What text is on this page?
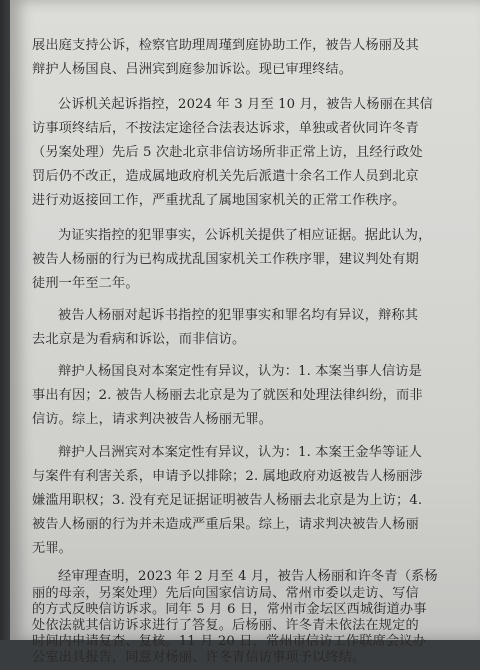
展出庭支持公诉，检察官助理周瑾到庭协助工作，被告人杨丽及其
辩护人杨国良、吕洲宾到庭参加诉讼。现已审理终结。
公诉机关起诉指控，2024 年 3 月至 10 月，被告人杨丽在其信
访事项终结后，不按法定途径合法表达诉求，单独或者伙同许冬青
（另案处理）先后 5 次赴北京非信访场所非正常上访，且经行政处
罚后仍不改正，造成属地政府机关先后派遣十余名工作人员到北京
进行劝返接回工作，严重扰乱了属地国家机关的正常工作秩序。
为证实指控的犯罪事实，公诉机关提供了相应证据。据此认为，
被告人杨丽的行为已构成扰乱国家机关工作秩序罪，建议判处有期
徒刑一年至二年。
被告人杨丽对起诉书指控的犯罪事实和罪名均有异议，辩称其
去北京是为看病和诉讼，而非信访。
辩护人杨国良对本案定性有异议，认为：1. 本案当事人信访是
事出有因；2. 被告人杨丽去北京是为了就医和处理法律纠纷，而非
信访。综上，请求判决被告人杨丽无罪。
辩护人吕洲宾对本案定性有异议，认为：1. 本案王金华等证人
与案件有利害关系，申请予以排除；2. 属地政府劝返被告人杨丽涉
嫌滥用职权；3. 没有充足证据证明被告人杨丽去北京是为上访；4.
被告人杨丽的行为并未造成严重后果。综上，请求判决被告人杨丽
无罪。
经审理查明，2023 年 2 月至 4 月，被告人杨丽和许冬青（系杨
丽的母亲，另案处理）先后向国家信访局、常州市委以走访、写信
的方式反映信访诉求。同年 5 月 6 日，常州市金坛区西城街道办事
处依法就其信访诉求进行了答复。后杨丽、许冬青未依法在规定的
时间内申请复查、复核。11 月 20 日，常州市信访工作联席会议办
公室出具报告，同意对杨丽、许冬青信访事项予以终结。
